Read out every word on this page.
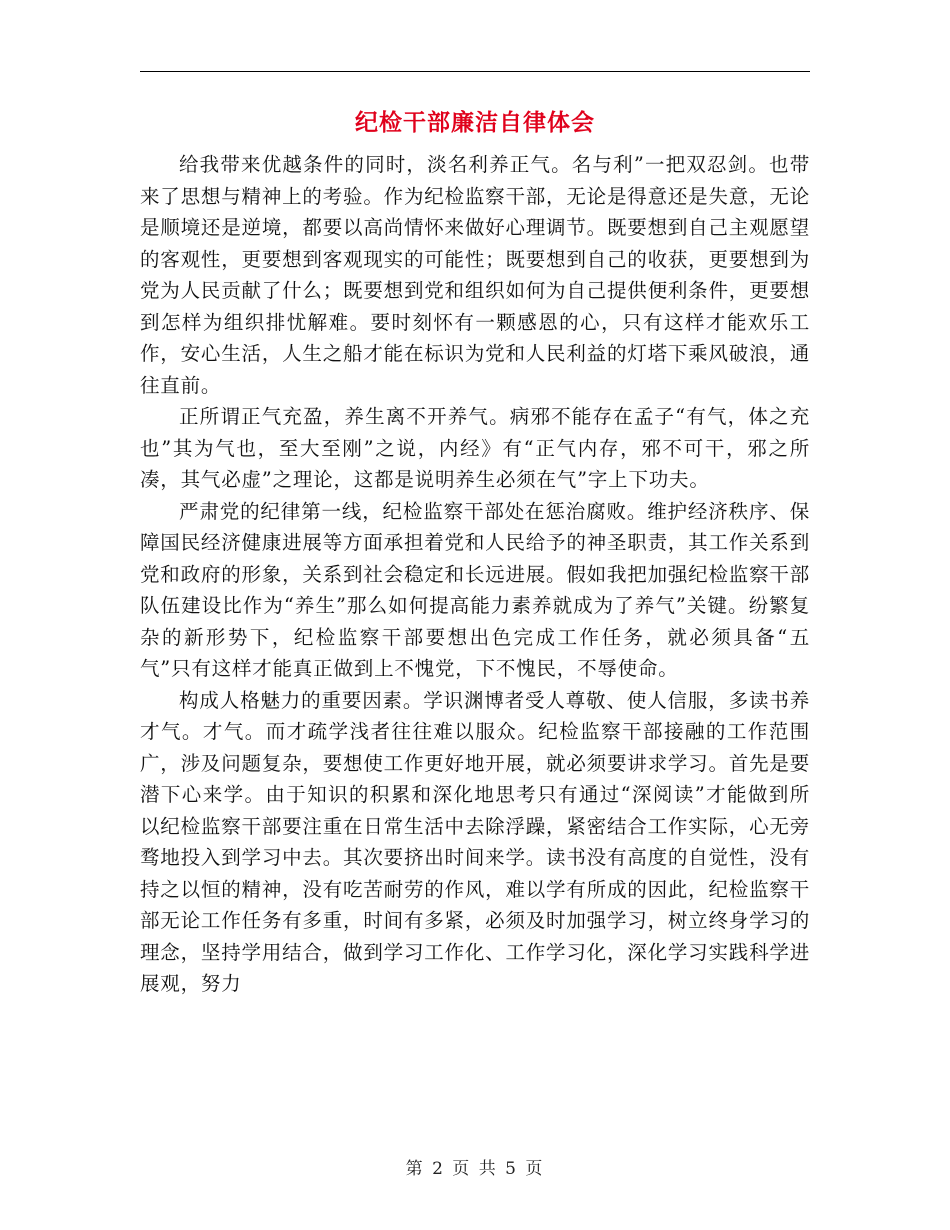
纪检干部廉洁自律体会

给我带来优越条件的同时，淡名利养正气。名与利”一把双忍剑。也带来了思想与精神上的考验。作为纪检监察干部，无论是得意还是失意，无论是顺境还是逆境，都要以高尚情怀来做好心理调节。既要想到自己主观愿望的客观性，更要想到客观现实的可能性；既要想到自己的收获，更要想到为党为人民贡献了什么；既要想到党和组织如何为自己提供便利条件，更要想到怎样为组织排忧解难。要时刻怀有一颗感恩的心，只有这样才能欢乐工作，安心生活，人生之船才能在标识为党和人民利益的灯塔下乘风破浪，通往直前。

正所谓正气充盈，养生离不开养气。病邪不能存在孟子“有气，体之充也”其为气也，至大至刚”之说，内经》有“正气内存，邪不可干，邪之所凑，其气必虚”之理论，这都是说明养生必须在气”字上下功夫。

严肃党的纪律第一线，纪检监察干部处在惩治腐败。维护经济秩序、保障国民经济健康进展等方面承担着党和人民给予的神圣职责，其工作关系到党和政府的形象，关系到社会稳定和长远进展。假如我把加强纪检监察干部队伍建设比作为“养生”那么如何提高能力素养就成为了养气”关键。纷繁复杂的新形势下，纪检监察干部要想出色完成工作任务，就必须具备“五气”只有这样才能真正做到上不愧党，下不愧民，不辱使命。

构成人格魅力的重要因素。学识渊博者受人尊敬、使人信服，多读书养才气。才气。而才疏学浅者往往难以服众。纪检监察干部接融的工作范围广，涉及问题复杂，要想使工作更好地开展，就必须要讲求学习。首先是要潜下心来学。由于知识的积累和深化地思考只有通过“深阅读”才能做到所以纪检监察干部要注重在日常生活中去除浮躁，紧密结合工作实际，心无旁骛地投入到学习中去。其次要挤出时间来学。读书没有高度的自觉性，没有持之以恒的精神，没有吃苦耐劳的作风，难以学有所成的因此，纪检监察干部无论工作任务有多重，时间有多紧，必须及时加强学习，树立终身学习的理念，坚持学用结合，做到学习工作化、工作学习化，深化学习实践科学进展观，努力

第 2 页 共 5 页
